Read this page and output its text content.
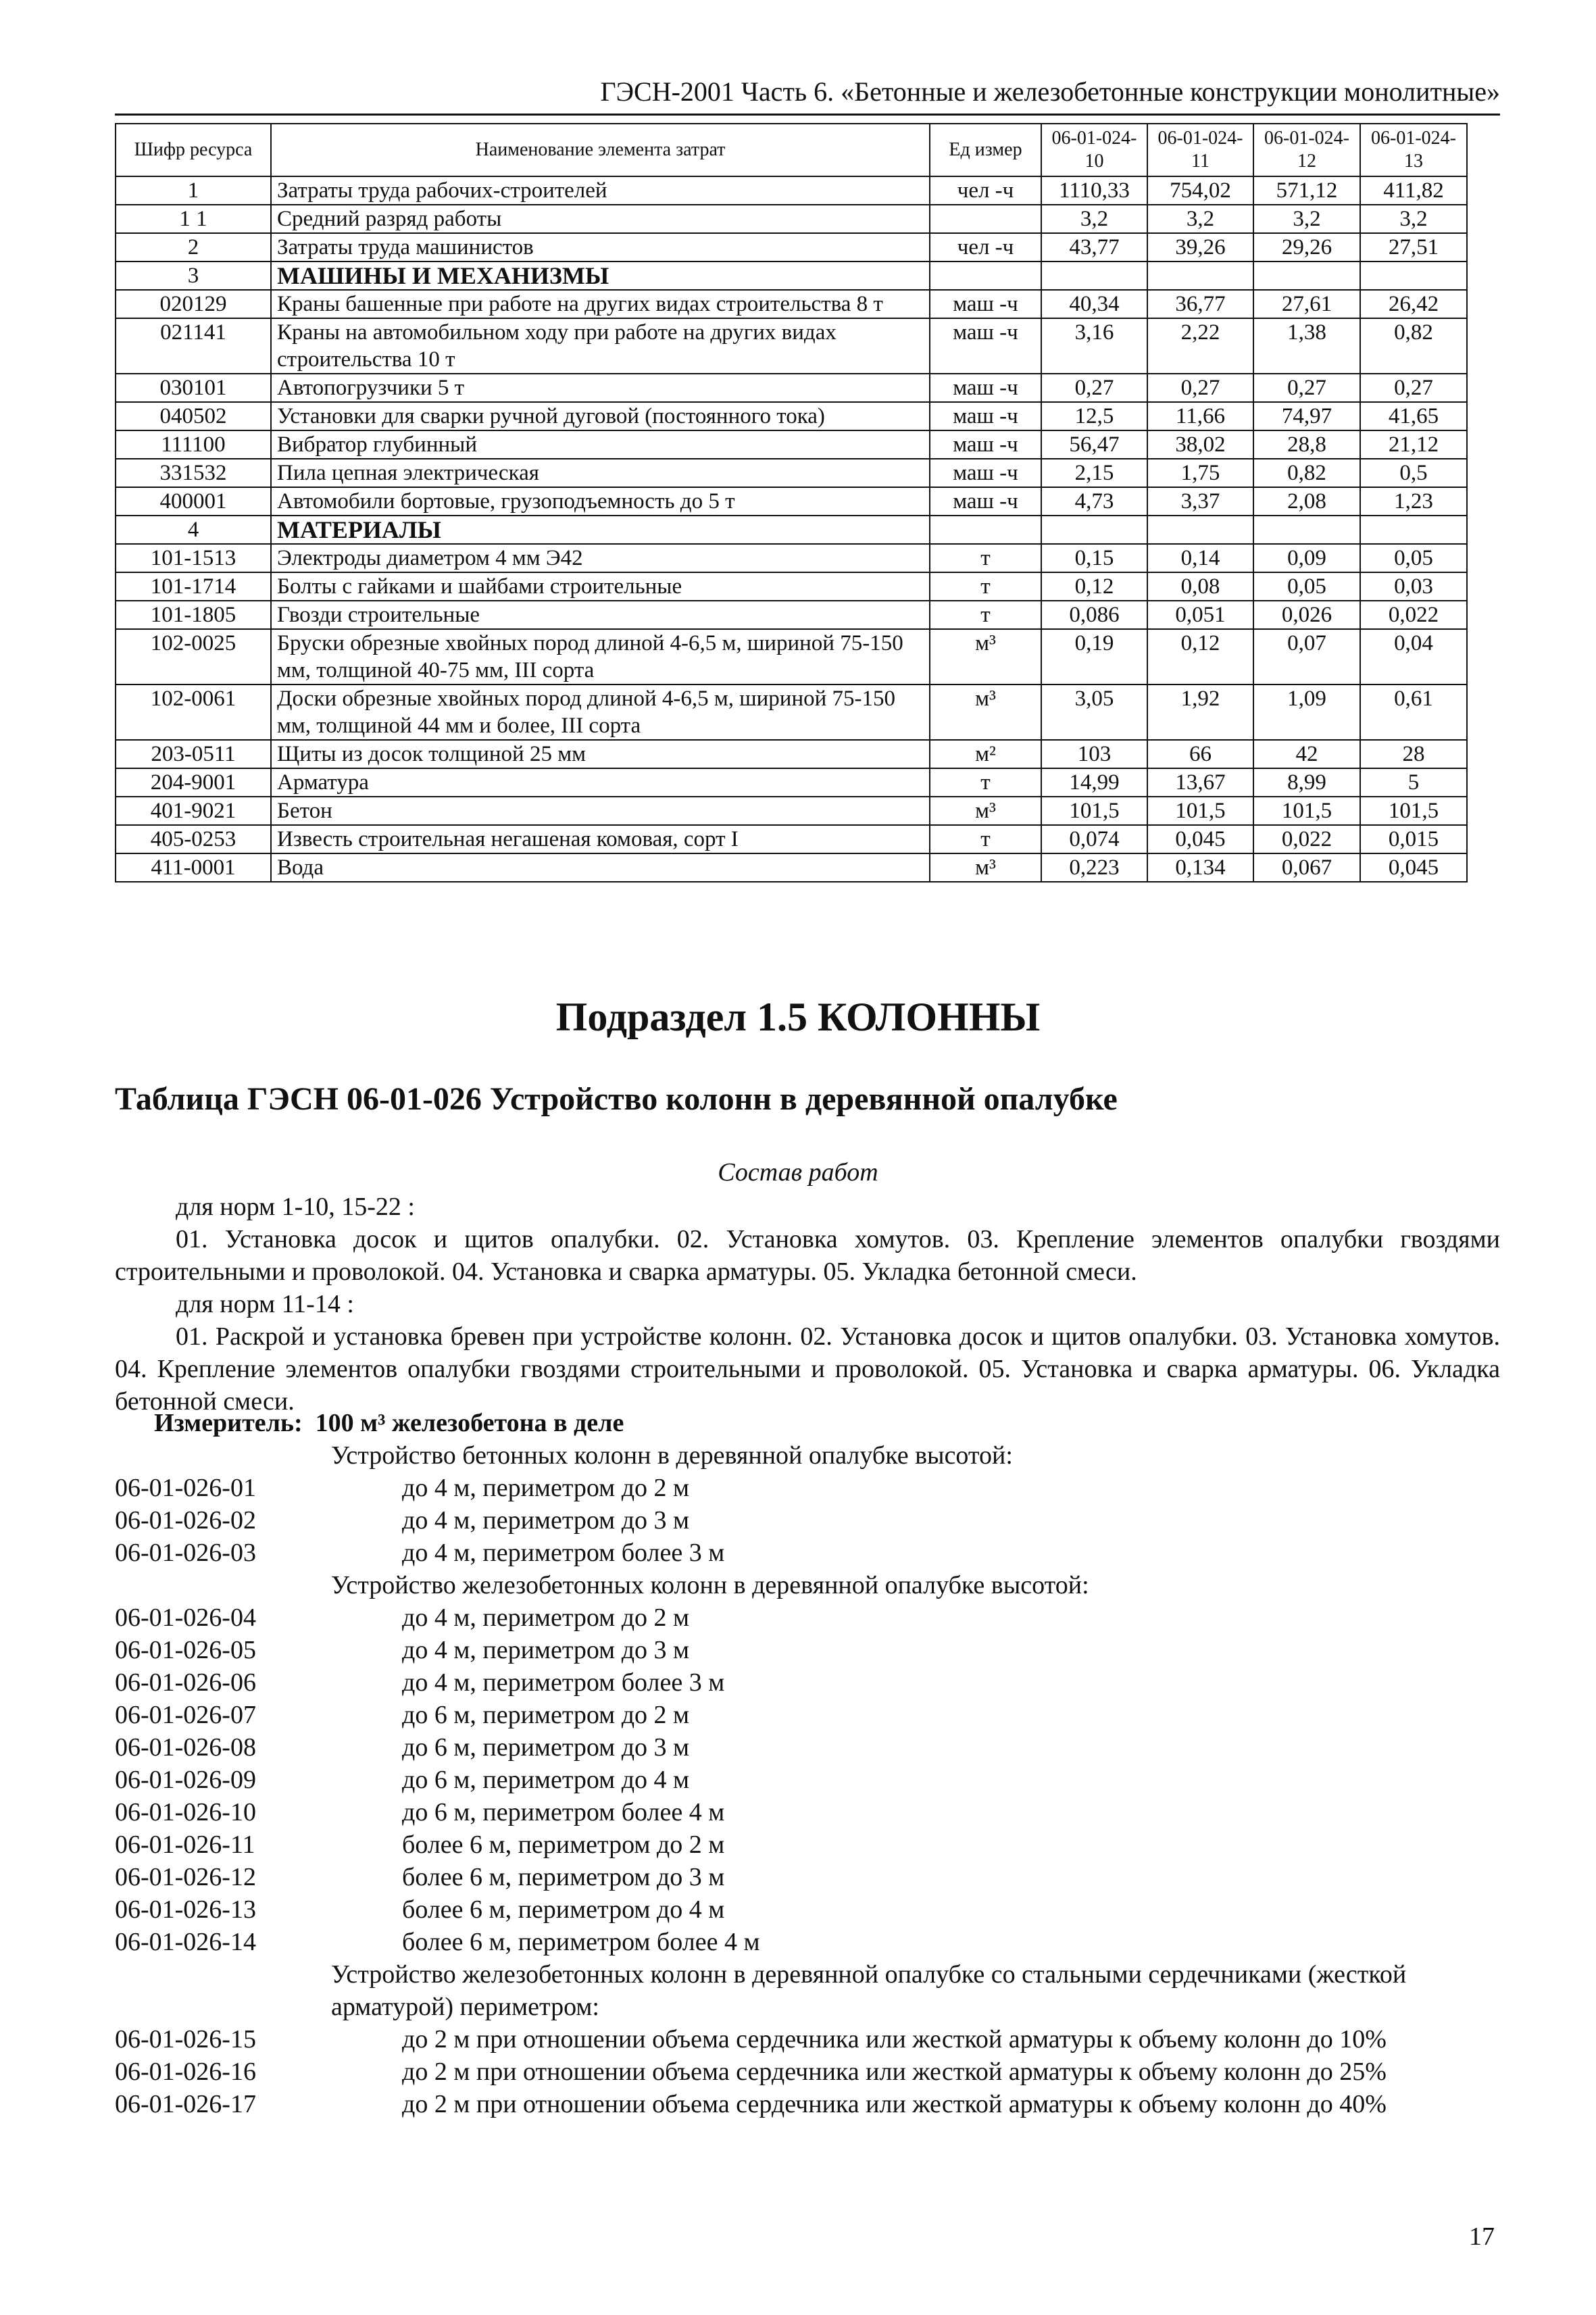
ГЭСН-2001 Часть 6. «Бетонные и железобетонные конструкции монолитные»
Шифр ресурса	Наименование элемента затрат	Ед измер	06-01-024-10	06-01-024-11	06-01-024-12	06-01-024-13
1	Затраты труда рабочих-строителей	чел -ч	1110,33	754,02	571,12	411,82
1 1	Средний разряд работы		3,2	3,2	3,2	3,2
2	Затраты труда машинистов	чел -ч	43,77	39,26	29,26	27,51
3	МАШИНЫ И МЕХАНИЗМЫ					
020129	Краны башенные при работе на других видах строительства 8 т	маш -ч	40,34	36,77	27,61	26,42
021141	Краны на автомобильном ходу при работе на других видах строительства 10 т	маш -ч	3,16	2,22	1,38	0,82
030101	Автопогрузчики 5 т	маш -ч	0,27	0,27	0,27	0,27
040502	Установки для сварки ручной дуговой (постоянного тока)	маш -ч	12,5	11,66	74,97	41,65
111100	Вибратор глубинный	маш -ч	56,47	38,02	28,8	21,12
331532	Пила цепная электрическая	маш -ч	2,15	1,75	0,82	0,5
400001	Автомобили бортовые, грузоподъемность до 5 т	маш -ч	4,73	3,37	2,08	1,23
4	МАТЕРИАЛЫ					
101-1513	Электроды диаметром 4 мм Э42	т	0,15	0,14	0,09	0,05
101-1714	Болты с гайками и шайбами строительные	т	0,12	0,08	0,05	0,03
101-1805	Гвозди строительные	т	0,086	0,051	0,026	0,022
102-0025	Бруски обрезные хвойных пород длиной 4-6,5 м, шириной 75-150 мм, толщиной 40-75 мм, III сорта	м³	0,19	0,12	0,07	0,04
102-0061	Доски обрезные хвойных пород длиной 4-6,5 м, шириной 75-150 мм, толщиной 44 мм и более, III сорта	м³	3,05	1,92	1,09	0,61
203-0511	Щиты из досок толщиной 25 мм	м²	103	66	42	28
204-9001	Арматура	т	14,99	13,67	8,99	5
401-9021	Бетон	м³	101,5	101,5	101,5	101,5
405-0253	Известь строительная негашеная комовая, сорт I	т	0,074	0,045	0,022	0,015
411-0001	Вода	м³	0,223	0,134	0,067	0,045
Подраздел 1.5 КОЛОННЫ
Таблица ГЭСН 06-01-026 Устройство колонн в деревянной опалубке
Состав работ
для норм 1-10, 15-22 :
01. Установка досок и щитов опалубки. 02. Установка хомутов. 03. Крепление элементов опалубки гвоздями строительными и проволокой. 04. Установка и сварка арматуры. 05. Укладка бетонной смеси.
для норм 11-14 :
01. Раскрой и установка бревен при устройстве колонн. 02. Установка досок и щитов опалубки. 03. Установка хомутов. 04. Крепление элементов опалубки гвоздями строительными и проволокой. 05. Установка и сварка арматуры. 06. Укладка бетонной смеси.
Измеритель: 100 м³ железобетона в деле
Устройство бетонных колонн в деревянной опалубке высотой:
06-01-026-01	до 4 м, периметром до 2 м
06-01-026-02	до 4 м, периметром до 3 м
06-01-026-03	до 4 м, периметром более 3 м
Устройство железобетонных колонн в деревянной опалубке высотой:
06-01-026-04	до 4 м, периметром до 2 м
06-01-026-05	до 4 м, периметром до 3 м
06-01-026-06	до 4 м, периметром более 3 м
06-01-026-07	до 6 м, периметром до 2 м
06-01-026-08	до 6 м, периметром до 3 м
06-01-026-09	до 6 м, периметром до 4 м
06-01-026-10	до 6 м, периметром более 4 м
06-01-026-11	более 6 м, периметром до 2 м
06-01-026-12	более 6 м, периметром до 3 м
06-01-026-13	более 6 м, периметром до 4 м
06-01-026-14	более 6 м, периметром более 4 м
Устройство железобетонных колонн в деревянной опалубке со стальными сердечниками (жесткой арматурой) периметром:
06-01-026-15	до 2 м при отношении объема сердечника или жесткой арматуры к объему колонн до 10%
06-01-026-16	до 2 м при отношении объема сердечника или жесткой арматуры к объему колонн до 25%
06-01-026-17	до 2 м при отношении объема сердечника или жесткой арматуры к объему колонн до 40%
17
